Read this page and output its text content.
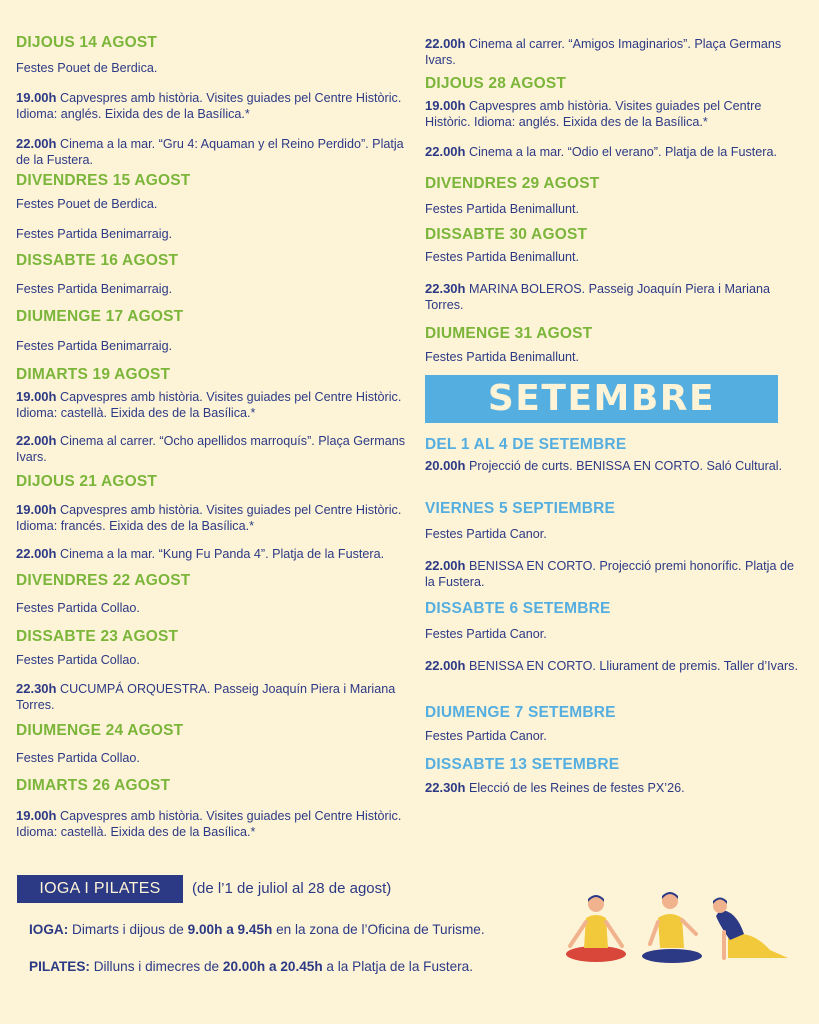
DIJOUS 14 AGOST
Festes Pouet de Berdica.
19.00h Capvespres amb història. Visites guiades pel Centre Històric. Idioma: anglés. Eixida des de la Basílica.*
22.00h Cinema a la mar. “Gru 4: Aquaman y el Reino Perdido”. Platja de la Fustera.
DIVENDRES 15 AGOST
Festes Pouet de Berdica.
Festes Partida Benimarraig.
DISSABTE 16 AGOST
Festes Partida Benimarraig.
DIUMENGE 17 AGOST
Festes Partida Benimarraig.
DIMARTS 19 AGOST
19.00h Capvespres amb història. Visites guiades pel Centre Històric. Idioma: castellà. Eixida des de la Basílica.*
22.00h Cinema al carrer. “Ocho apellidos marroquís”. Plaça Germans Ivars.
DIJOUS 21 AGOST
19.00h Capvespres amb història. Visites guiades pel Centre Històric. Idioma: francés. Eixida des de la Basílica.*
22.00h Cinema a la mar. “Kung Fu Panda 4”. Platja de la Fustera.
DIVENDRES 22 AGOST
Festes Partida Collao.
DISSABTE 23 AGOST
Festes Partida Collao.
22.30h CUCUMPÁ ORQUESTRA. Passeig Joaquín Piera i Mariana Torres.
DIUMENGE 24 AGOST
Festes Partida Collao.
DIMARTS 26 AGOST
19.00h Capvespres amb història. Visites guiades pel Centre Històric. Idioma: castellà. Eixida des de la Basílica.*
22.00h Cinema al carrer. “Amigos Imaginarios”. Plaça Germans Ivars.
DIJOUS 28 AGOST
19.00h Capvespres amb història. Visites guiades pel Centre Històric. Idioma: anglés. Eixida des de la Basílica.*
22.00h Cinema a la mar. “Odio el verano”. Platja de la Fustera.
DIVENDRES 29 AGOST
Festes Partida Benimallunt.
DISSABTE 30 AGOST
Festes Partida Benimallunt.
22.30h MARINA BOLEROS. Passeig Joaquín Piera i Mariana Torres.
DIUMENGE 31 AGOST
Festes Partida Benimallunt.
DEL 1 AL 4 DE SETEMBRE
20.00h Projecció de curts. BENISSA EN CORTO. Saló Cultural.
VIERNES 5 SEPTIEMBRE
Festes Partida Canor.
22.00h BENISSA EN CORTO. Projecció premi honorífic. Platja de la Fustera.
DISSABTE 6 SETEMBRE
Festes Partida Canor.
22.00h BENISSA EN CORTO. Lliurament de premis. Taller d’Ivars.
DIUMENGE 7 SETEMBRE
Festes Partida Canor.
DISSABTE 13 SETEMBRE
22.30h Elecció de les Reines de festes PX’26.
SETEMBRE
IOGA I PILATES	(de l’1 de juliol al 28 de agost)
IOGA: Dimarts i dijous de 9.00h a 9.45h en la zona de l’Oficina de Turisme.
PILATES: Dilluns i dimecres de 20.00h a 20.45h a la Platja de la Fustera.
